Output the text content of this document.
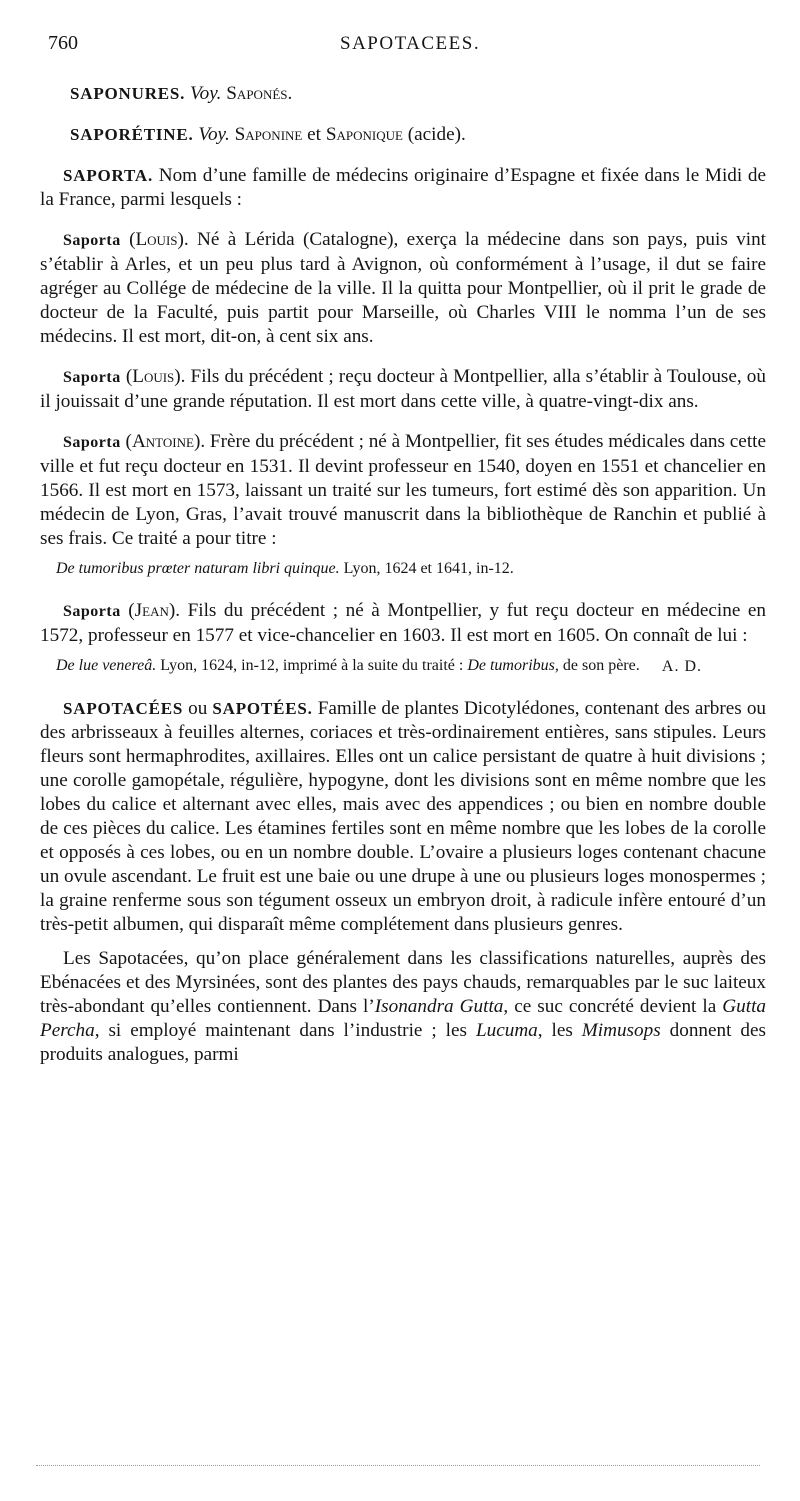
760	SAPOTACEES.

SAPONURES. Voy. Saponés.

SAPORÉTINE. Voy. Saponine et Saponique (acide).

SAPORTA. Nom d’une famille de médecins originaire d’Espagne et fixée dans le Midi de la France, parmi lesquels :

Saporta (Louis). Né à Lérida (Catalogne), exerça la médecine dans son pays, puis vint s’établir à Arles, et un peu plus tard à Avignon, où conformément à l’usage, il dut se faire agréger au Collége de médecine de la ville. Il la quitta pour Montpellier, où il prit le grade de docteur de la Faculté, puis partit pour Marseille, où Charles VIII le nomma l’un de ses médecins. Il est mort, dit-on, à cent six ans.

Saporta (Louis). Fils du précédent ; reçu docteur à Montpellier, alla s’établir à Toulouse, où il jouissait d’une grande réputation. Il est mort dans cette ville, à quatre-vingt-dix ans.

Saporta (Antoine). Frère du précédent ; né à Montpellier, fit ses études médicales dans cette ville et fut reçu docteur en 1531. Il devint professeur en 1540, doyen en 1551 et chancelier en 1566. Il est mort en 1573, laissant un traité sur les tumeurs, fort estimé dès son apparition. Un médecin de Lyon, Gras, l’avait trouvé manuscrit dans la bibliothèque de Ranchin et publié à ses frais. Ce traité a pour titre :

De tumoribus prœter naturam libri quinque. Lyon, 1624 et 1641, in-12.

Saporta (Jean). Fils du précédent ; né à Montpellier, y fut reçu docteur en médecine en 1572, professeur en 1577 et vice-chancelier en 1603. Il est mort en 1605. On connaît de lui :

De lue venereâ. Lyon, 1624, in-12, imprimé à la suite du traité : De tumoribus, de son père.	A. D.

SAPOTACÉES ou SAPOTÉES. Famille de plantes Dicotylédones, contenant des arbres ou des arbrisseaux à feuilles alternes, coriaces et très-ordinairement entières, sans stipules. Leurs fleurs sont hermaphrodites, axillaires. Elles ont un calice persistant de quatre à huit divisions ; une corolle gamopétale, régulière, hypogyne, dont les divisions sont en même nombre que les lobes du calice et alternant avec elles, mais avec des appendices ; ou bien en nombre double de ces pièces du calice. Les étamines fertiles sont en même nombre que les lobes de la corolle et opposés à ces lobes, ou en un nombre double. L’ovaire a plusieurs loges contenant chacune un ovule ascendant. Le fruit est une baie ou une drupe à une ou plusieurs loges monospermes ; la graine renferme sous son tégument osseux un embryon droit, à radicule infère entouré d’un très-petit albumen, qui disparaît même complétement dans plusieurs genres.

Les Sapotacées, qu’on place généralement dans les classifications naturelles, auprès des Ebénacées et des Myrsinées, sont des plantes des pays chauds, remarquables par le suc laiteux très-abondant qu’elles contiennent. Dans l’Isonandra Gutta, ce suc concrété devient la Gutta Percha, si employé maintenant dans l’industrie ; les Lucuma, les Mimusops donnent des produits analogues, parmi
